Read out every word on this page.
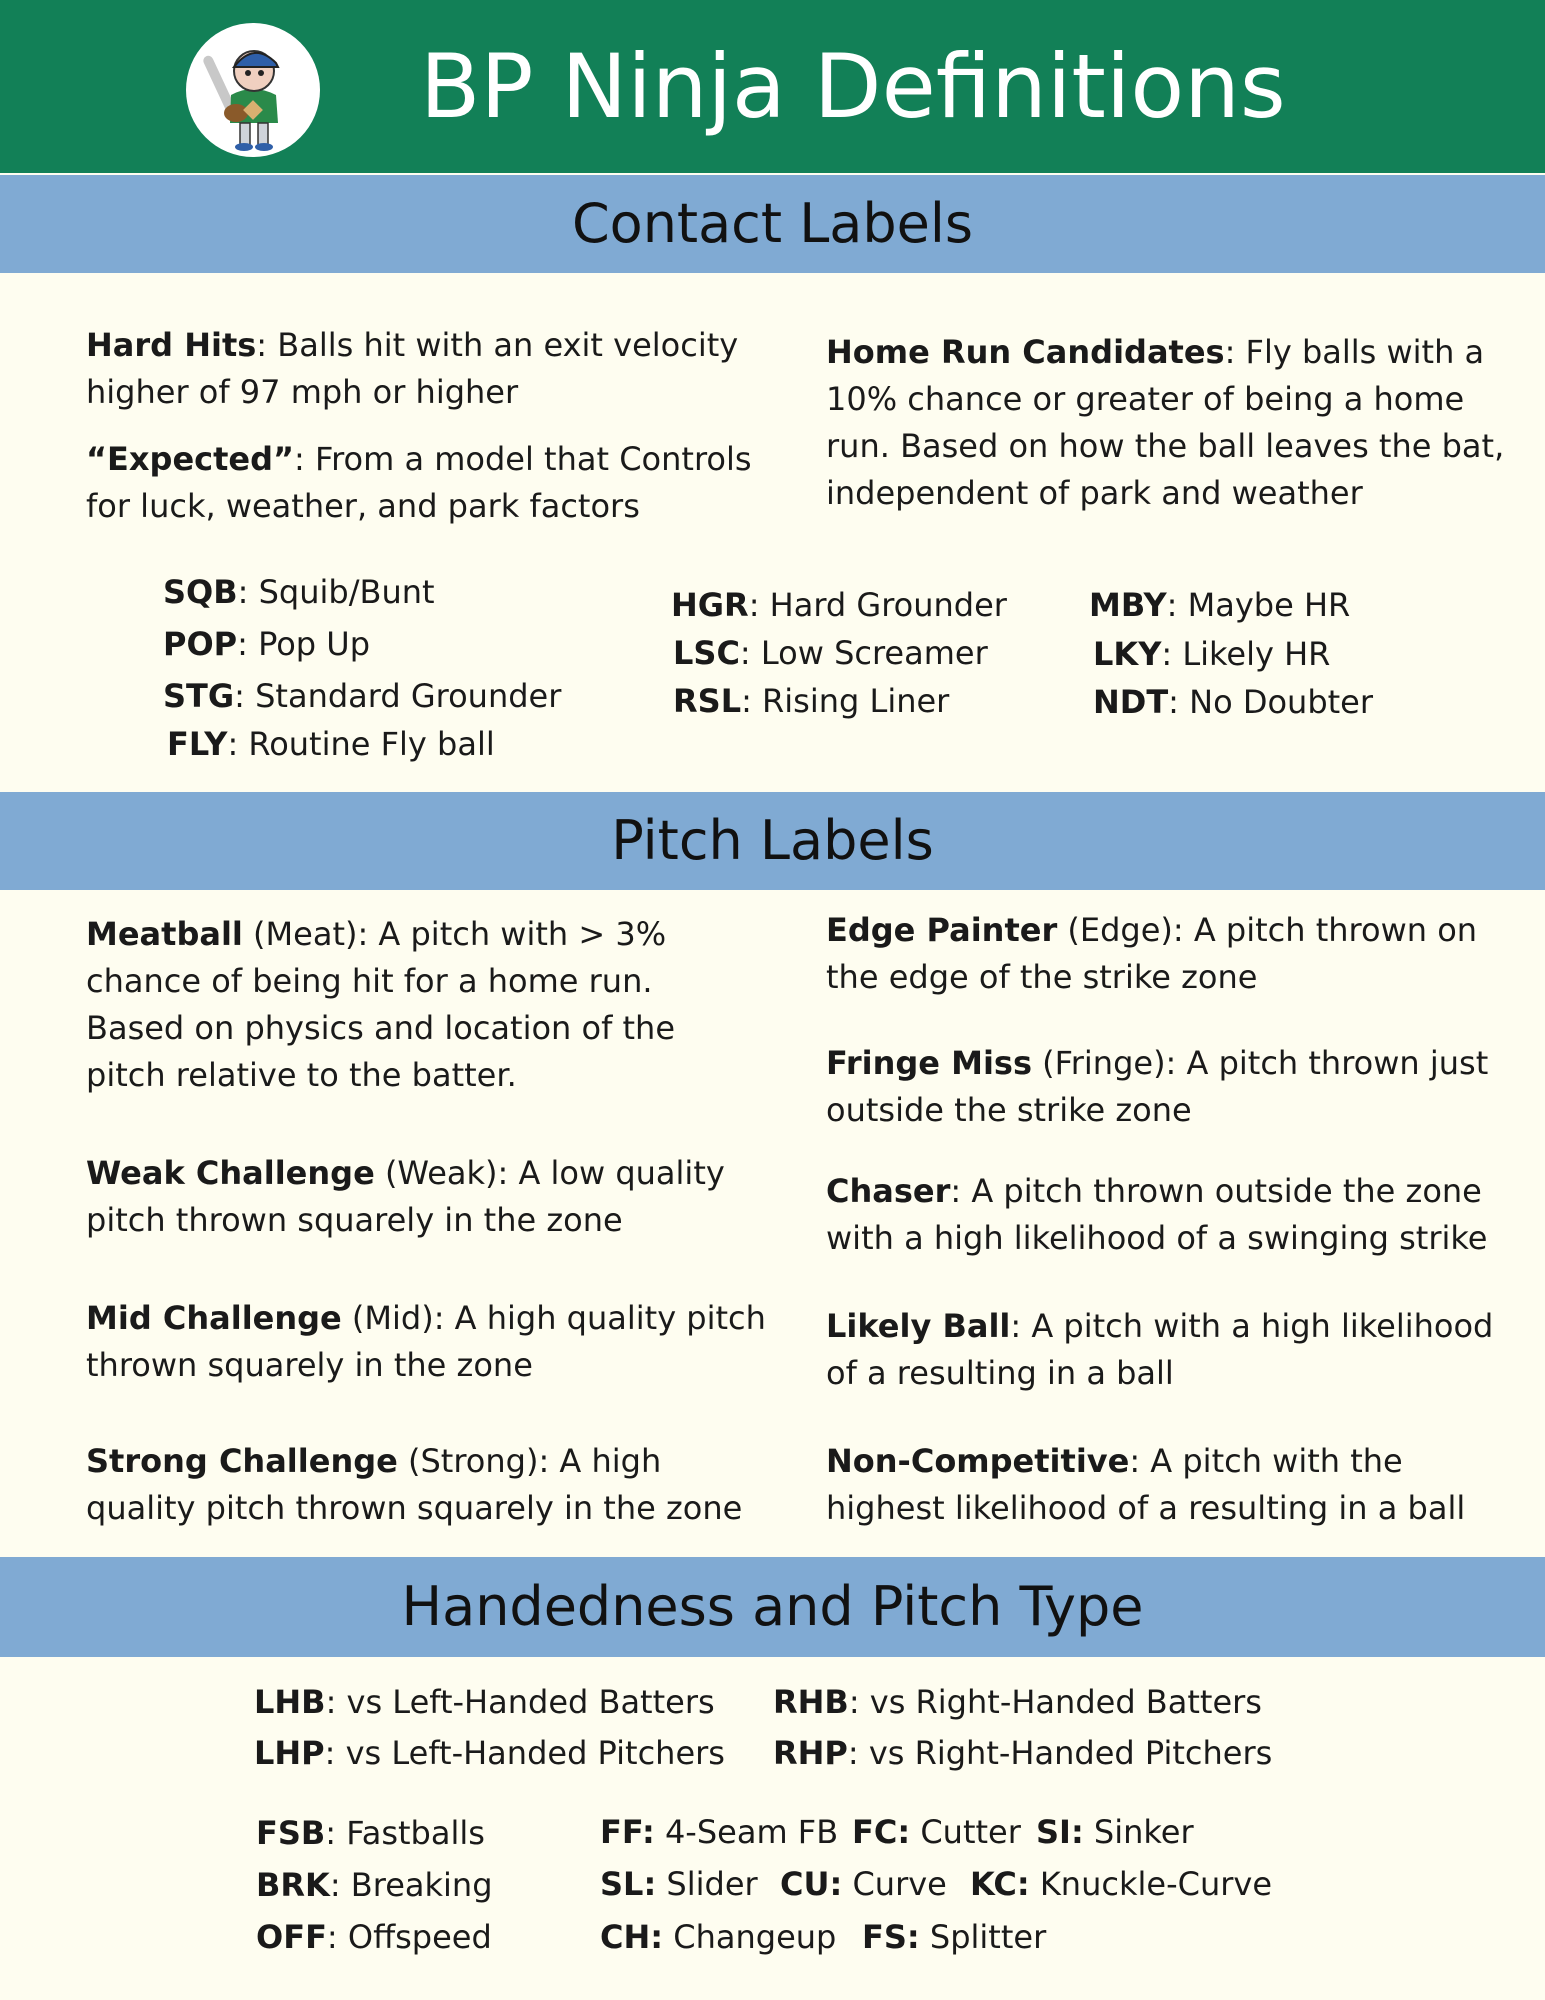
BP Ninja Definitions
Contact Labels
Hard Hits: Balls hit with an exit velocity higher of 97 mph or higher
“Expected”: From a model that Controls for luck, weather, and park factors
Home Run Candidates: Fly balls with a 10% chance or greater of being a home run. Based on how the ball leaves the bat, independent of park and weather
SQB: Squib/Bunt
POP: Pop Up
STG: Standard Grounder
FLY: Routine Fly ball
HGR: Hard Grounder
LSC: Low Screamer
RSL: Rising Liner
MBY: Maybe HR
LKY: Likely HR
NDT: No Doubter
Pitch Labels
Meatball (Meat): A pitch with > 3% chance of being hit for a home run. Based on physics and location of the pitch relative to the batter.
Weak Challenge (Weak): A low quality pitch thrown squarely in the zone
Mid Challenge (Mid): A high quality pitch thrown squarely in the zone
Strong Challenge (Strong): A high quality pitch thrown squarely in the zone
Edge Painter (Edge): A pitch thrown on the edge of the strike zone
Fringe Miss (Fringe): A pitch thrown just outside the strike zone
Chaser: A pitch thrown outside the zone with a high likelihood of a swinging strike
Likely Ball: A pitch with a high likelihood of a resulting in a ball
Non-Competitive: A pitch with the highest likelihood of a resulting in a ball
Handedness and Pitch Type
LHB: vs Left-Handed Batters
LHP: vs Left-Handed Pitchers
RHB: vs Right-Handed Batters
RHP: vs Right-Handed Pitchers
FSB: Fastballs
BRK: Breaking
OFF: Offspeed
FF: 4-Seam FB FC: Cutter SI: Sinker
SL: Slider CU: Curve KC: Knuckle-Curve
CH: Changeup FS: Splitter
